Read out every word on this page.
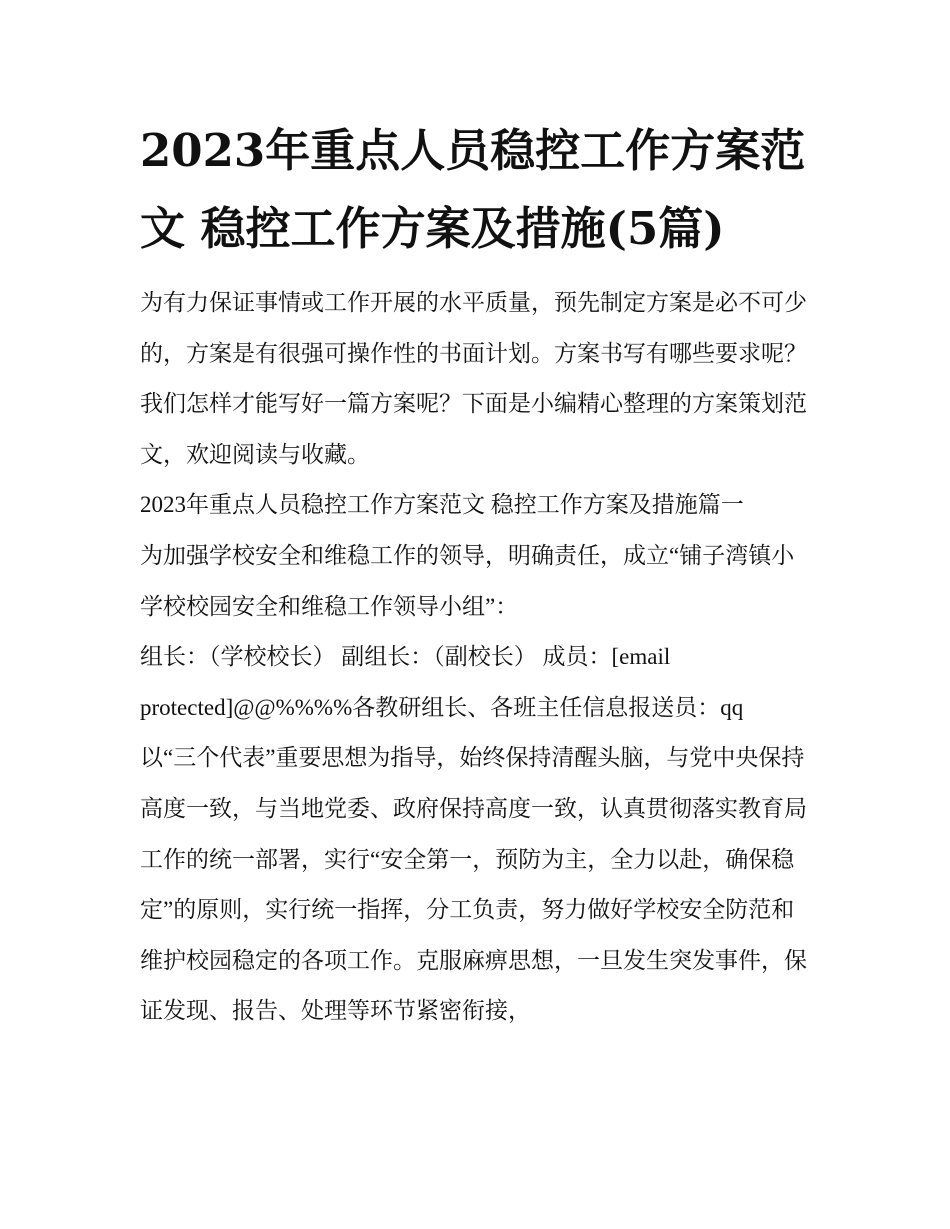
2023年重点人员稳控工作方案范文 稳控工作方案及措施(5篇)

为有力保证事情或工作开展的水平质量，预先制定方案是必不可少的，方案是有很强可操作性的书面计划。方案书写有哪些要求呢？我们怎样才能写好一篇方案呢？下面是小编精心整理的方案策划范文，欢迎阅读与收藏。

2023年重点人员稳控工作方案范文 稳控工作方案及措施篇一

为加强学校安全和维稳工作的领导，明确责任，成立“铺子湾镇小学校校园安全和维稳工作领导小组”：

组长：（学校校长） 副组长：（副校长） 成员：[email protected]@@%%%%各教研组长、各班主任信息报送员：qq

以“三个代表”重要思想为指导，始终保持清醒头脑，与党中央保持高度一致，与当地党委、政府保持高度一致，认真贯彻落实教育局工作的统一部署，实行“安全第一，预防为主，全力以赴，确保稳定”的原则，实行统一指挥，分工负责，努力做好学校安全防范和维护校园稳定的各项工作。克服麻痹思想，一旦发生突发事件，保证发现、报告、处理等环节紧密衔接，
